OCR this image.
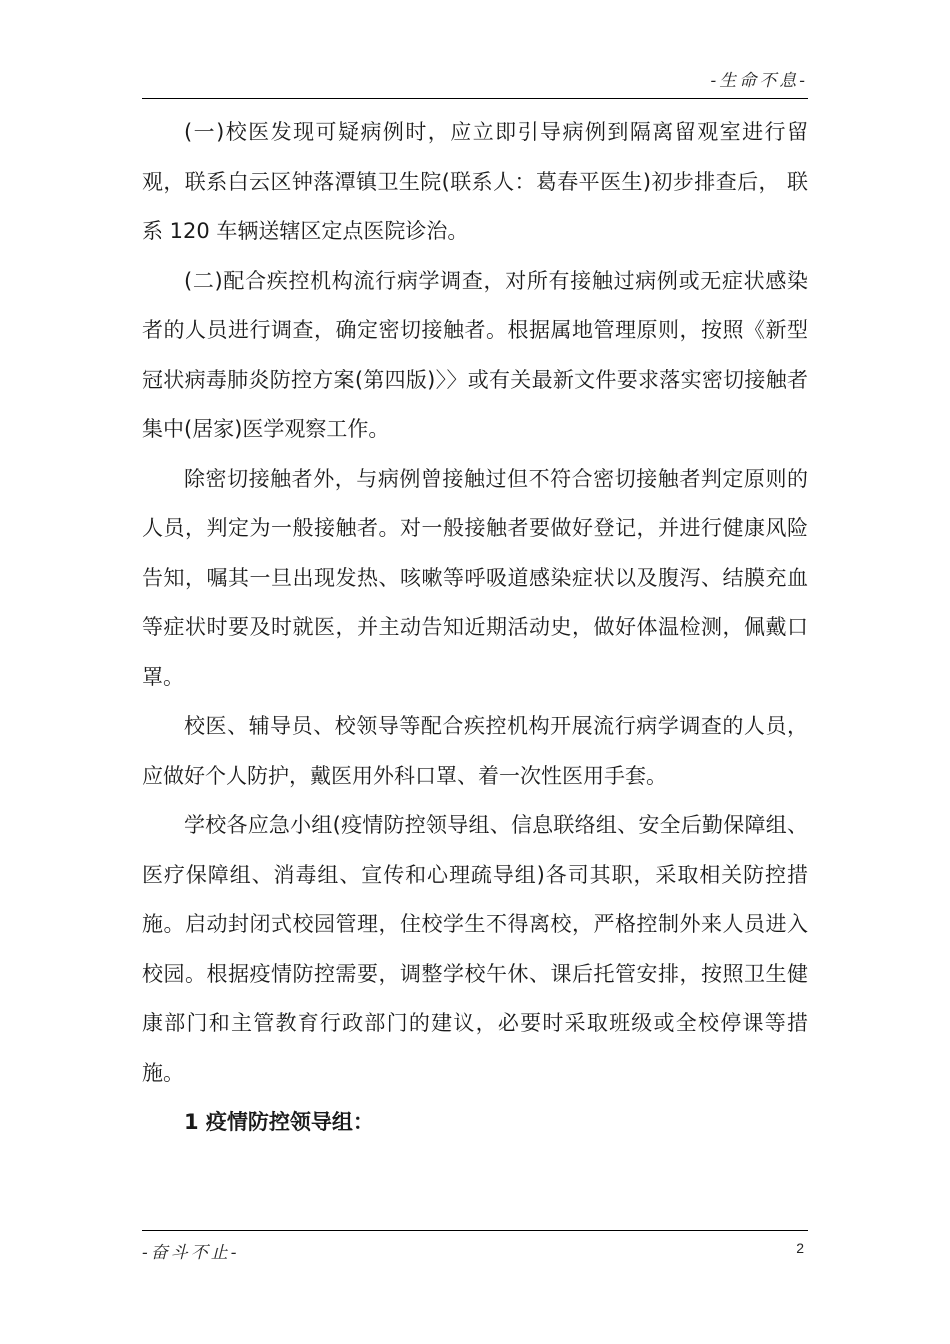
-生命不息-

(一)校医发现可疑病例时，应立即引导病例到隔离留观室进行留观，联系白云区钟落潭镇卫生院(联系人：葛春平医生)初步排查后， 联系 120 车辆送辖区定点医院诊治。

(二)配合疾控机构流行病学调查，对所有接触过病例或无症状感染者的人员进行调查，确定密切接触者。根据属地管理原则，按照《新型冠状病毒肺炎防控方案(第四版)〉〉或有关最新文件要求落实密切接触者集中(居家)医学观察工作。

除密切接触者外，与病例曾接触过但不符合密切接触者判定原则的人员，判定为一般接触者。对一般接触者要做好登记，并进行健康风险告知，嘱其一旦出现发热、咳嗽等呼吸道感染症状以及腹泻、结膜充血等症状时要及时就医，并主动告知近期活动史，做好体温检测，佩戴口罩。

校医、辅导员、校领导等配合疾控机构开展流行病学调查的人员，应做好个人防护，戴医用外科口罩、着一次性医用手套。

学校各应急小组(疫情防控领导组、信息联络组、安全后勤保障组、医疗保障组、消毒组、宣传和心理疏导组)各司其职，采取相关防控措施。启动封闭式校园管理，住校学生不得离校，严格控制外来人员进入校园。根据疫情防控需要，调整学校午休、课后托管安排，按照卫生健康部门和主管教育行政部门的建议，必要时采取班级或全校停课等措施。

1 疫情防控领导组：

-奋斗不止-	2
